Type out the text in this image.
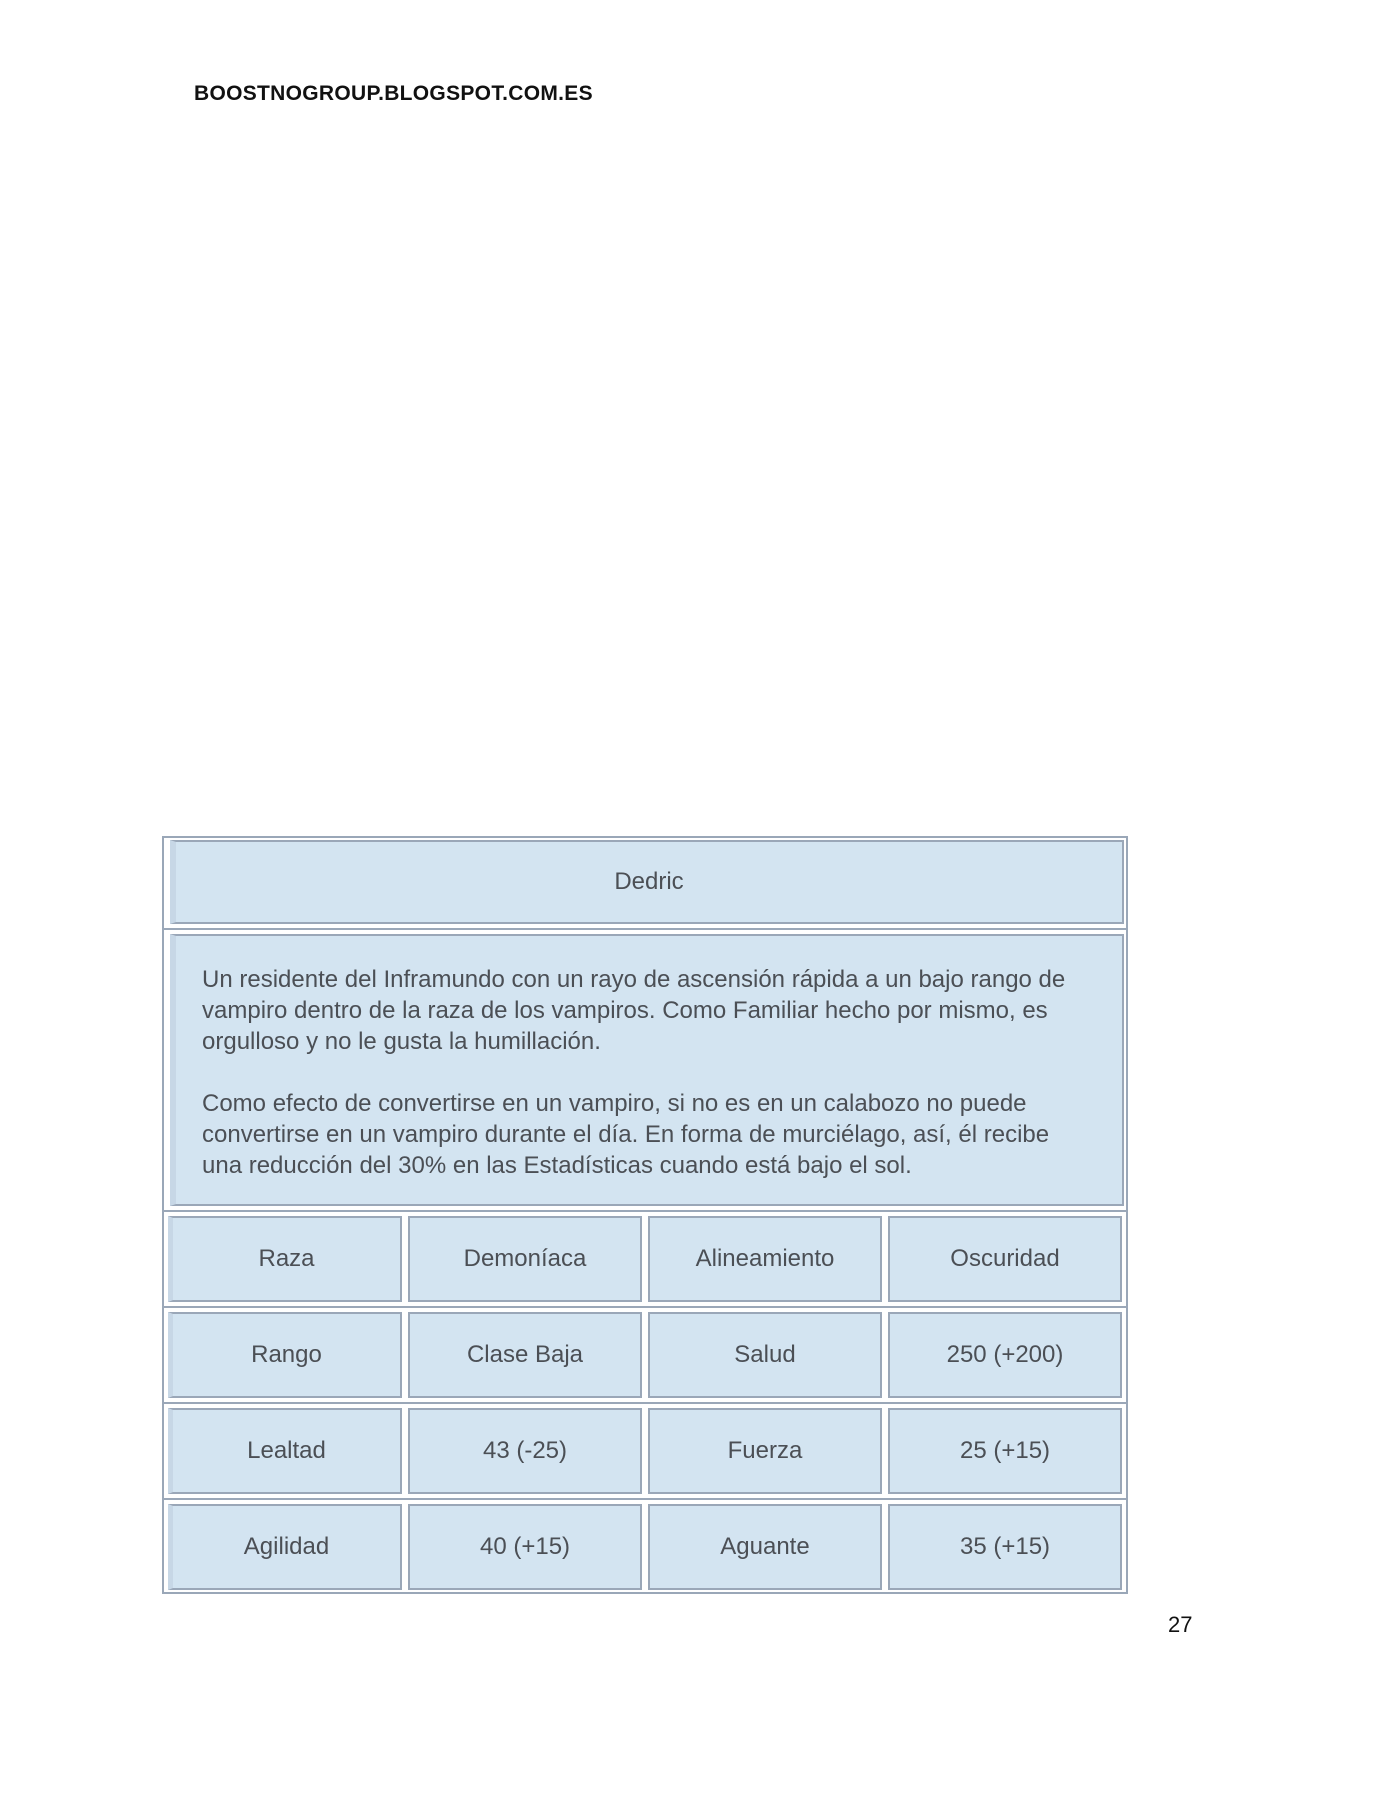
BOOSTNOGROUP.BLOGSPOT.COM.ES
Dedric

Un residente del Inframundo con un rayo de ascensión rápida a un bajo rango de vampiro dentro de la raza de los vampiros. Como Familiar hecho por mismo, es orgulloso y no le gusta la humillación.

Como efecto de convertirse en un vampiro, si no es en un calabozo no puede convertirse en un vampiro durante el día. En forma de murciélago, así, él recibe una reducción del 30% en las Estadísticas cuando está bajo el sol.

Raza	Demoníaca	Alineamiento	Oscuridad
Rango	Clase Baja	Salud	250 (+200)
Lealtad	43 (-25)	Fuerza	25 (+15)
Agilidad	40 (+15)	Aguante	35 (+15)
27
